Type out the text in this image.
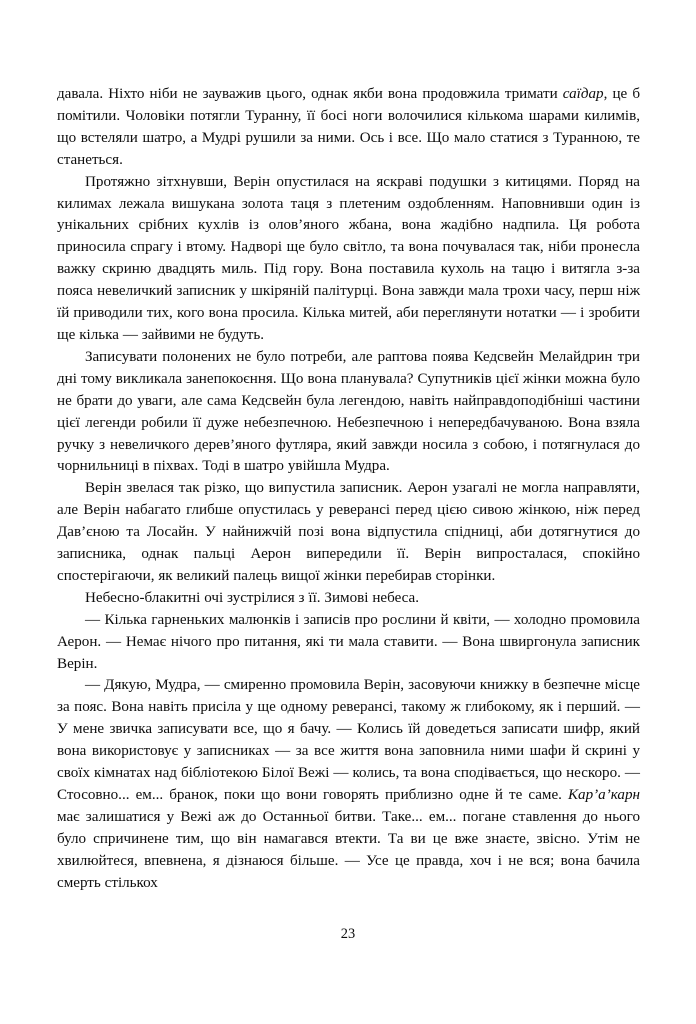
давала. Ніхто ніби не зауважив цього, однак якби вона продовжила тримати саїдар, це б помітили. Чоловіки потягли Туранну, її босі ноги волочилися кількома шарами килимів, що встеляли шатро, а Мудрі рушили за ними. Ось і все. Що мало статися з Туранною, те станеться.

Протяжно зітхнувши, Верін опустилася на яскраві подушки з китицями. Поряд на килимах лежала вишукана золота таця з плетеним оздобленням. Наповнивши один із унікальних срібних кухлів із олов’яного жбана, вона жадібно надпила. Ця робота приносила спрагу і втому. Надворі ще було світло, та вона почувалася так, ніби пронесла важку скриню двадцять миль. Під гору. Вона поставила кухоль на тацю і витягла з-за пояса невеличкий записник у шкіряній палітурці. Вона завжди мала трохи часу, перш ніж їй приводили тих, кого вона просила. Кілька митей, аби переглянути нотатки — і зробити ще кілька — зайвими не будуть.

Записувати полонених не було потреби, але раптова поява Кедсвейн Мелайдрин три дні тому викликала занепокоєння. Що вона планувала? Супутників цієї жінки можна було не брати до уваги, але сама Кедсвейн була легендою, навіть найправдоподібніші частини цієї легенди робили її дуже небезпечною. Небезпечною і непередбачуваною. Вона взяла ручку з невеличкого дерев’яного футляра, який завжди носила з собою, і потягнулася до чорнильниці в піхвах. Тоді в шатро увійшла Мудра.

Верін звелася так різко, що випустила записник. Аерон узагалі не могла направляти, але Верін набагато глибше опустилась у реверансі перед цією сивою жінкою, ніж перед Дав’єною та Лосайн. У найнижчій позі вона відпустила спідниці, аби дотягнутися до записника, однак пальці Аерон випередили її. Верін випросталася, спокійно спостерігаючи, як великий палець вищої жінки перебирав сторінки.

Небесно-блакитні очі зустрілися з її. Зимові небеса.

— Кілька гарненьких малюнків і записів про рослини й квіти, — холодно промовила Аерон. — Немає нічого про питання, які ти мала ставити. — Вона швиргонула записник Верін.

— Дякую, Мудра, — смиренно промовила Верін, засовуючи книжку в безпечне місце за пояс. Вона навіть присіла у ще одному реверансі, такому ж глибокому, як і перший. — У мене звичка записувати все, що я бачу. — Колись їй доведеться записати шифр, який вона використовує у записниках — за все життя вона заповнила ними шафи й скрині у своїх кімнатах над бібліотекою Білої Вежі — колись, та вона сподівається, що нескоро. — Стосовно... ем... бранок, поки що вони говорять приблизно одне й те саме. Кар’а’карн має залишатися у Вежі аж до Останньої битви. Таке... ем... погане ставлення до нього було спричинене тим, що він намагався втекти. Та ви це вже знаєте, звісно. Утім не хвилюйтеся, впевнена, я дізнаюся більше. — Усе це правда, хоч і не вся; вона бачила смерть стількох

23
